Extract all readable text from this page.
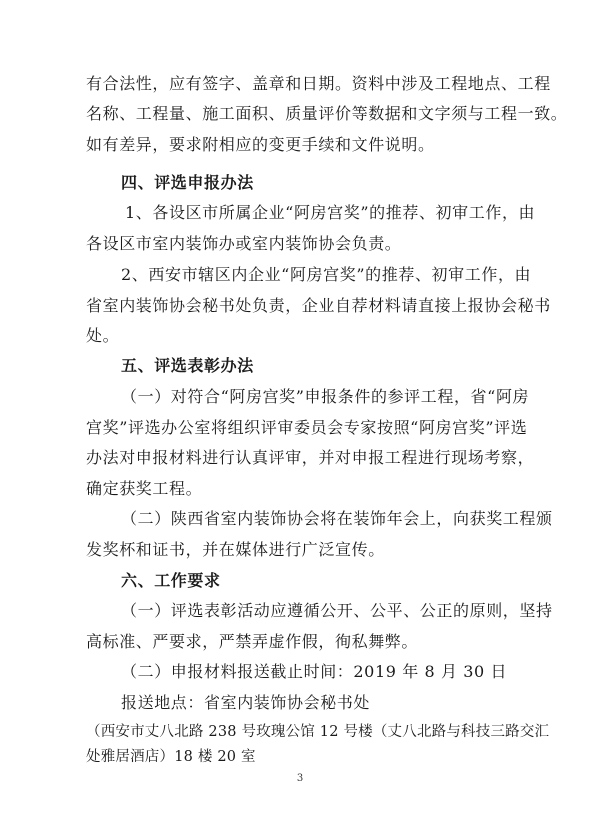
有合法性，应有签字、盖章和日期。资料中涉及工程地点、工程
名称、工程量、施工面积、质量评价等数据和文字须与工程一致。
如有差异，要求附相应的变更手续和文件说明。
四、评选申报办法
1、各设区市所属企业“阿房宫奖”的推荐、初审工作，由
各设区市室内装饰办或室内装饰协会负责。
2、西安市辖区内企业“阿房宫奖”的推荐、初审工作，由
省室内装饰协会秘书处负责，企业自荐材料请直接上报协会秘书
处。
五、评选表彰办法
（一）对符合“阿房宫奖”申报条件的参评工程，省“阿房
宫奖”评选办公室将组织评审委员会专家按照“阿房宫奖”评选
办法对申报材料进行认真评审，并对申报工程进行现场考察，
确定获奖工程。
（二）陕西省室内装饰协会将在装饰年会上，向获奖工程颁
发奖杯和证书，并在媒体进行广泛宣传。
六、工作要求
（一）评选表彰活动应遵循公开、公平、公正的原则，坚持
高标准、严要求，严禁弄虚作假，徇私舞弊。
（二）申报材料报送截止时间：2019 年 8 月 30 日
报送地点：省室内装饰协会秘书处
（西安市丈八北路 238 号玫瑰公馆 12 号楼（丈八北路与科技三路交汇
处雅居酒店）18 楼 20 室
3
